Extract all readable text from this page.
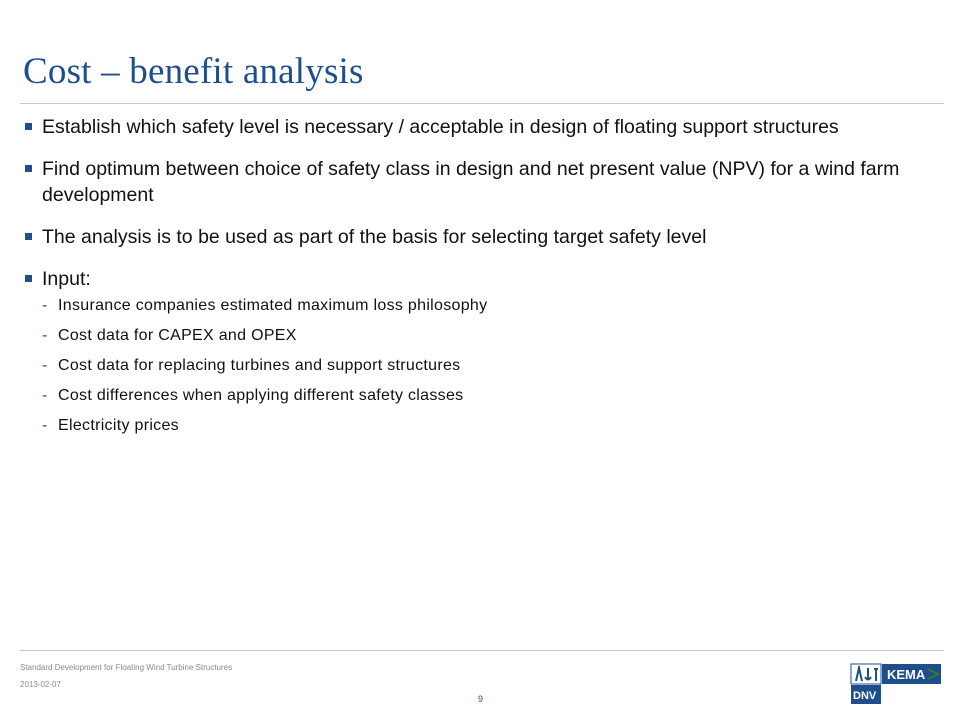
Cost – benefit analysis
Establish which safety level is necessary / acceptable in design of floating support structures
Find optimum between choice of safety class in design and net present value (NPV) for a wind farm development
The analysis is to be used as part of the basis for selecting target safety level
Input:
- Insurance companies estimated maximum loss philosophy
- Cost data for CAPEX and OPEX
- Cost data for replacing turbines and support structures
- Cost differences when applying different safety classes
- Electricity prices

Standard Development for Floating Wind Turbine Structures

2013-02-07

9
KEMA
DNV
